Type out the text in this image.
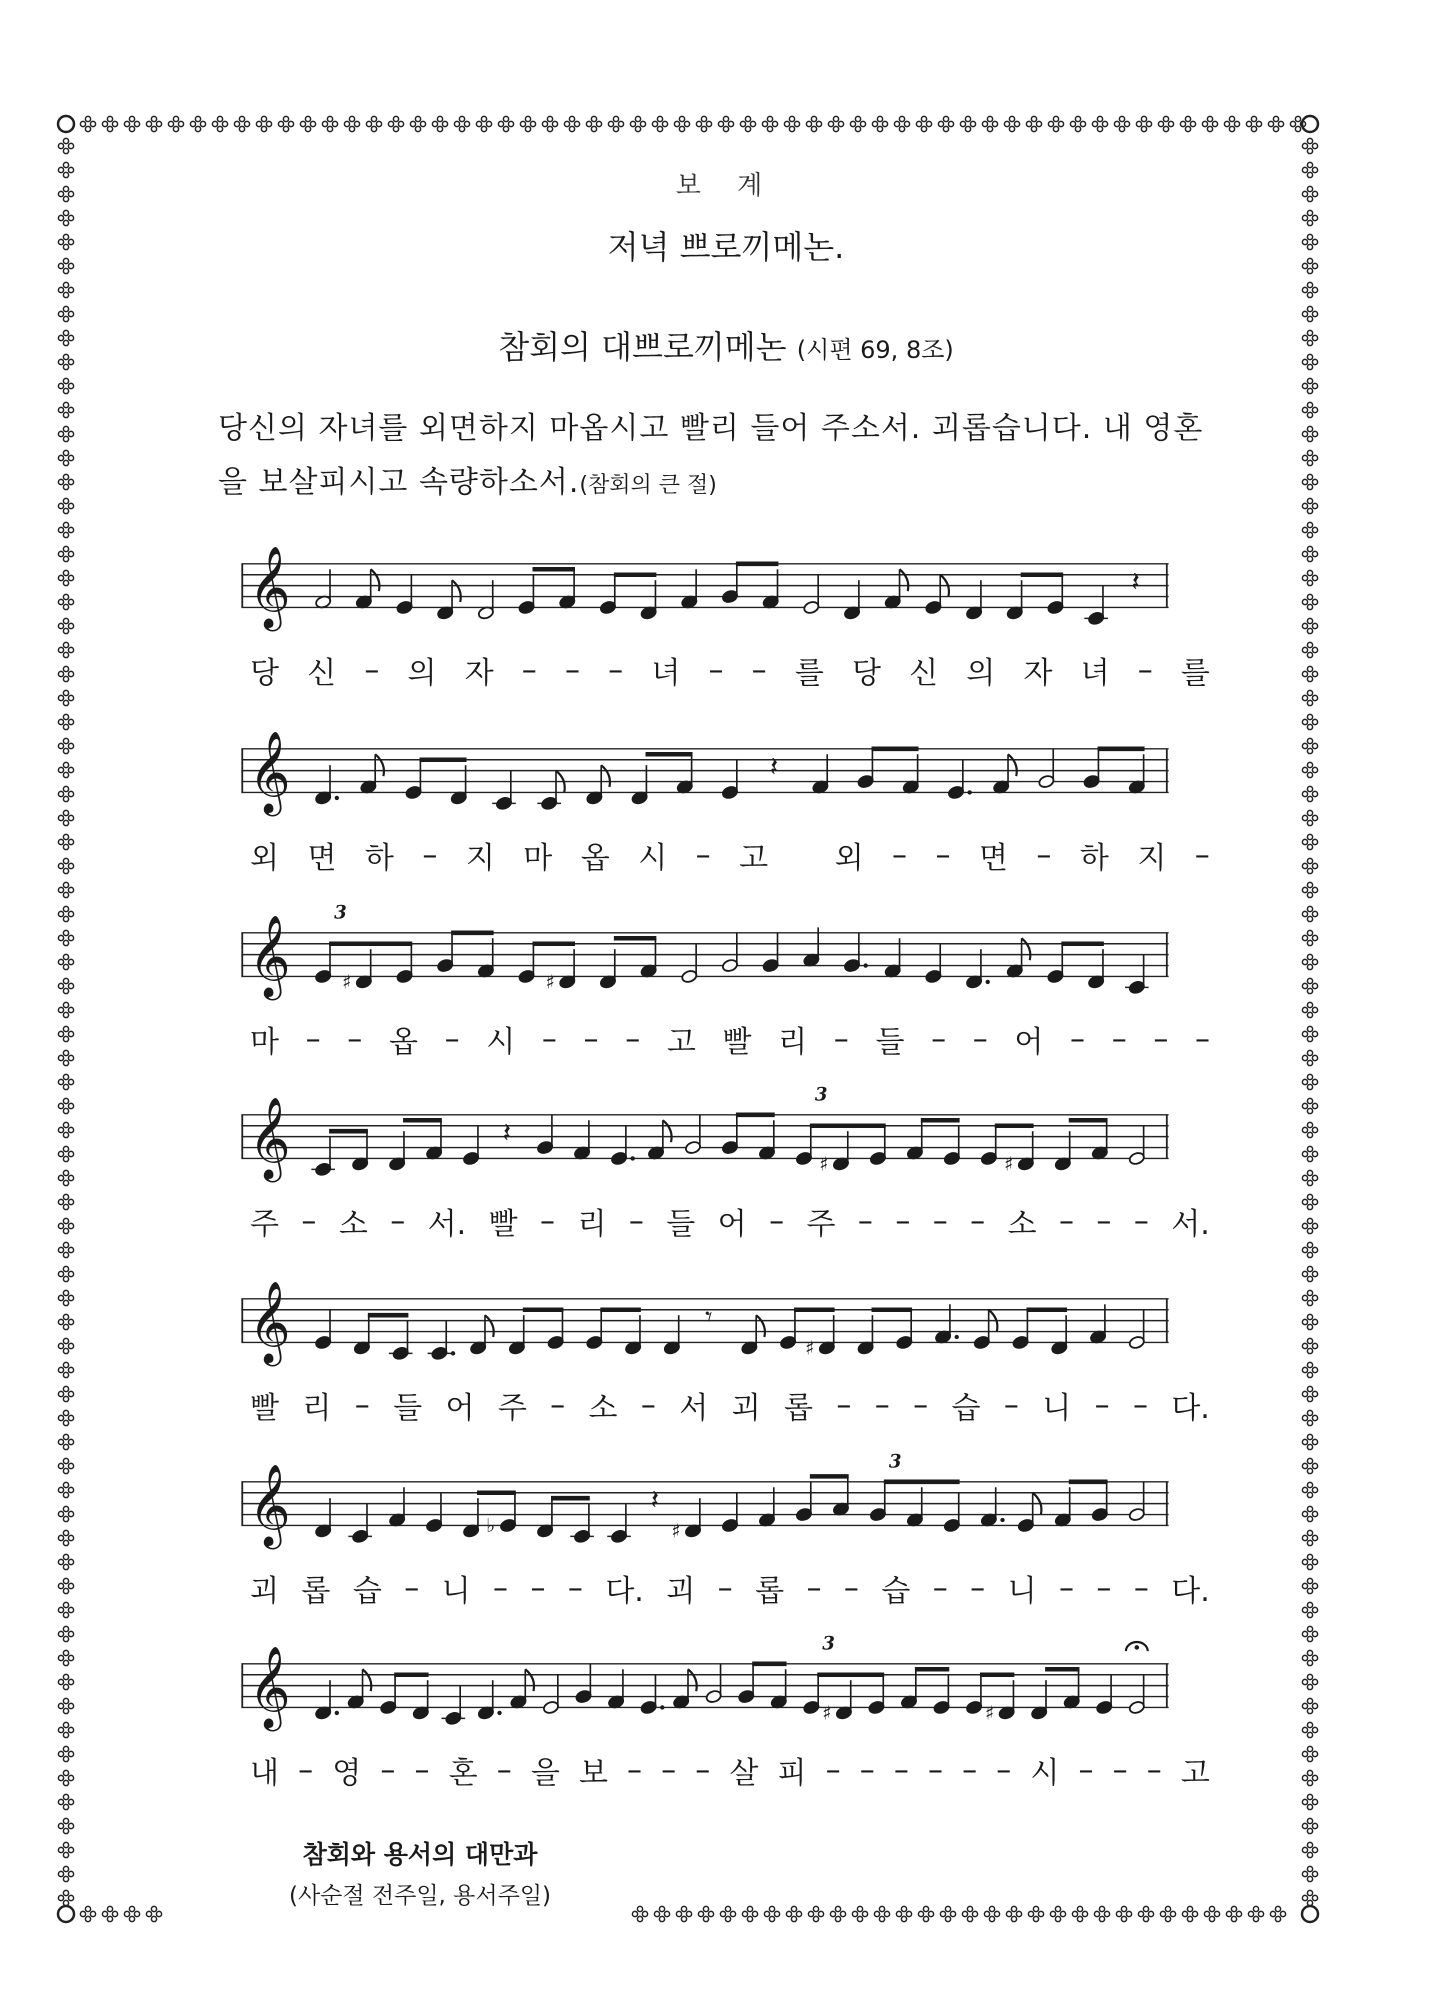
보 계
저녁 쁘로끼메논.
참회의 대쁘로끼메논 (시편 69, 8조)
당신의 자녀를 외면하지 마옵시고 빨리 들어 주소서. 괴롭습니다. 내 영혼
을 보살피시고 속량하소서.(참회의 큰 절)
𝄞	𝄽
당 신 – 의 자 – – – 녀 – – 를 당 신 의 자 녀 – 를
𝄞	𝄽
외 면 하 – 지 마 옵 시 – 고
외 – – 면 – 하 지 –
𝄞
3
♯	♯
마 – – 옵 – 시 – – – 고 빨 리 – 들 – – 어 – – – –
𝄞	𝄽
3
♯	♯
주 – 소 – 서. 빨 – 리 – 들 어 – 주 – – – – 소 – – – 서.
𝄞	𝄾
♯
빨 리 – 들 어 주 – 소 – 서 괴 롭 – – – 습 – 니 – – 다.
𝄞	♭
𝄽
♯
3
괴 롭 습 – 니 – – – 다. 괴 – 롭 – – 습 – – 니 – – – 다.
𝄞
3
♯	♯
내 – 영 – – 혼 – 을 보 – – – 살 피 – – – – – – 시 – – – 고
참회와 용서의 대만과
(사순절 전주일, 용서주일)
